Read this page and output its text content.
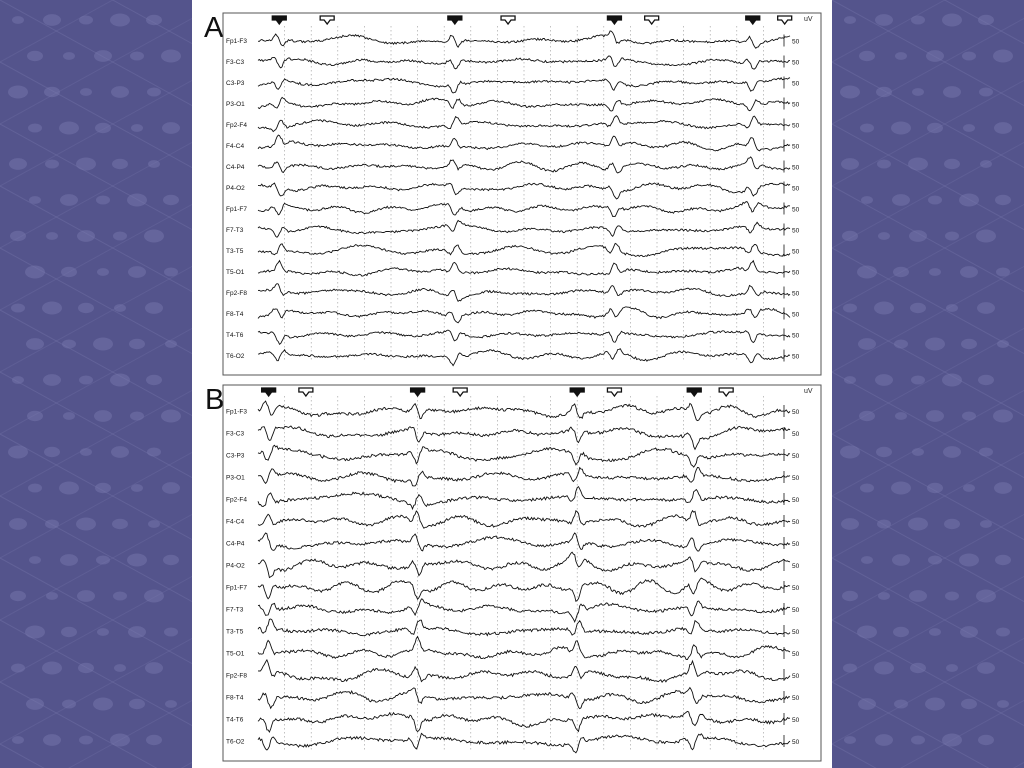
A
B
uV
Fp1-F3	50
F3-C3	50
C3-P3	50
P3-O1	50
Fp2-F4	50
F4-C4	50
C4-P4	50
P4-O2	50
Fp1-F7	50
F7-T3	50
T3-T5	50
T5-O1	50
Fp2-F8	50
F8-T4	50
T4-T6	50
T6-O2	50
uV
Fp1-F3	50
F3-C3	50
C3-P3	50
P3-O1	50
Fp2-F4	50
F4-C4	50
C4-P4	50
P4-O2	50
Fp1-F7	50
F7-T3	50
T3-T5	50
T5-O1	50
Fp2-F8	50
F8-T4	50
T4-T6	50
T6-O2	50
